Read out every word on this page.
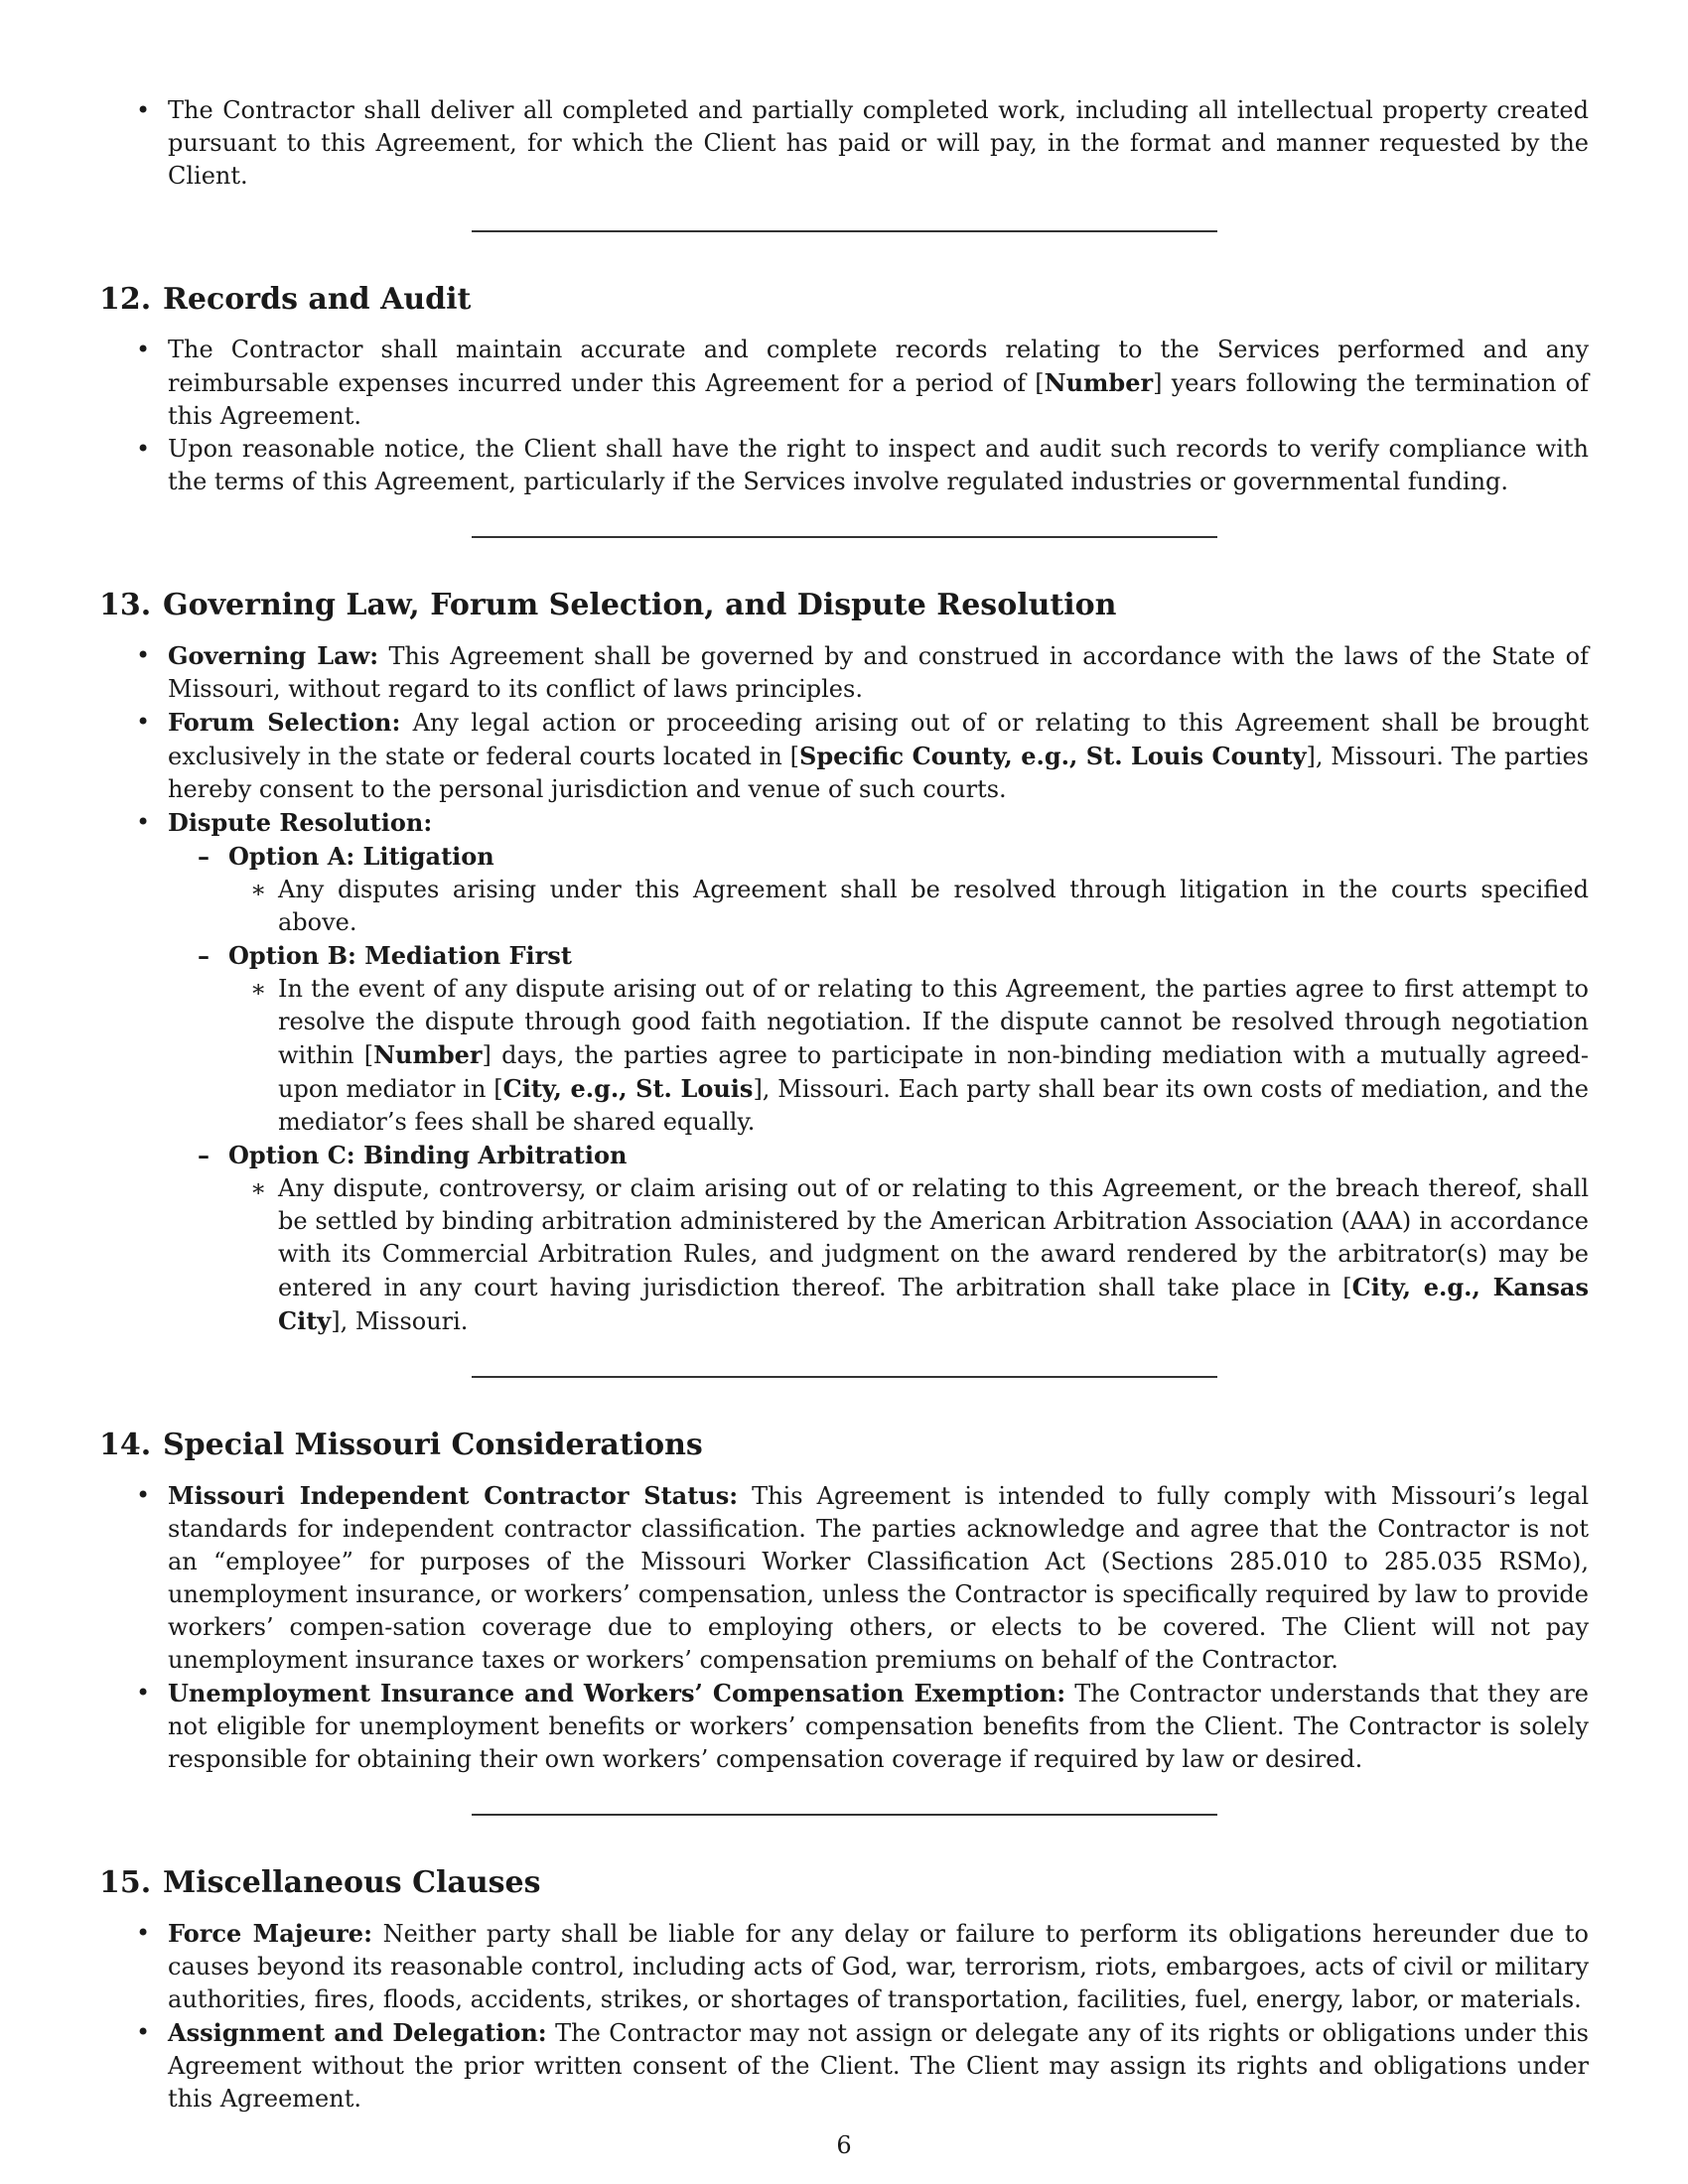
• The Contractor shall deliver all completed and partially completed work, including all intellectual property created pursuant to this Agreement, for which the Client has paid or will pay, in the format and manner requested by the Client.
12. Records and Audit
• The Contractor shall maintain accurate and complete records relating to the Services performed and any reimbursable expenses incurred under this Agreement for a period of [Number] years following the termination of this Agreement.
• Upon reasonable notice, the Client shall have the right to inspect and audit such records to verify compliance with the terms of this Agreement, particularly if the Services involve regulated industries or governmental funding.
13. Governing Law, Forum Selection, and Dispute Resolution
• Governing Law: This Agreement shall be governed by and construed in accordance with the laws of the State of Missouri, without regard to its conflict of laws principles.
• Forum Selection: Any legal action or proceeding arising out of or relating to this Agreement shall be brought exclusively in the state or federal courts located in [Specific County, e.g., St. Louis County], Missouri. The parties hereby consent to the personal jurisdiction and venue of such courts.
• Dispute Resolution:
– Option A: Litigation
∗ Any disputes arising under this Agreement shall be resolved through litigation in the courts specified above.
– Option B: Mediation First
∗ In the event of any dispute arising out of or relating to this Agreement, the parties agree to first attempt to resolve the dispute through good faith negotiation. If the dispute cannot be resolved through negotiation within [Number] days, the parties agree to participate in non-binding mediation with a mutually agreed-upon mediator in [City, e.g., St. Louis], Missouri. Each party shall bear its own costs of mediation, and the mediator’s fees shall be shared equally.
– Option C: Binding Arbitration
∗ Any dispute, controversy, or claim arising out of or relating to this Agreement, or the breach thereof, shall be settled by binding arbitration administered by the American Arbitration Association (AAA) in accordance with its Commercial Arbitration Rules, and judgment on the award rendered by the arbitrator(s) may be entered in any court having jurisdiction thereof. The arbitration shall take place in [City, e.g., Kansas City], Missouri.
14. Special Missouri Considerations
• Missouri Independent Contractor Status: This Agreement is intended to fully comply with Missouri’s legal standards for independent contractor classification. The parties acknowledge and agree that the Contractor is not an “employee” for purposes of the Missouri Worker Classification Act (Sections 285.010 to 285.035 RSMo), unemployment insurance, or workers’ compensation, unless the Contractor is specifically required by law to provide workers’ compen-sation coverage due to employing others, or elects to be covered. The Client will not pay unemployment insurance taxes or workers’ compensation premiums on behalf of the Contractor.
• Unemployment Insurance and Workers’ Compensation Exemption: The Contractor understands that they are not eligible for unemployment benefits or workers’ compensation benefits from the Client. The Contractor is solely responsible for obtaining their own workers’ compensation coverage if required by law or desired.
15. Miscellaneous Clauses
• Force Majeure: Neither party shall be liable for any delay or failure to perform its obligations hereunder due to causes beyond its reasonable control, including acts of God, war, terrorism, riots, embargoes, acts of civil or military authorities, fires, floods, accidents, strikes, or shortages of transportation, facilities, fuel, energy, labor, or materials.
• Assignment and Delegation: The Contractor may not assign or delegate any of its rights or obligations under this Agreement without the prior written consent of the Client. The Client may assign its rights and obligations under this Agreement.
6
